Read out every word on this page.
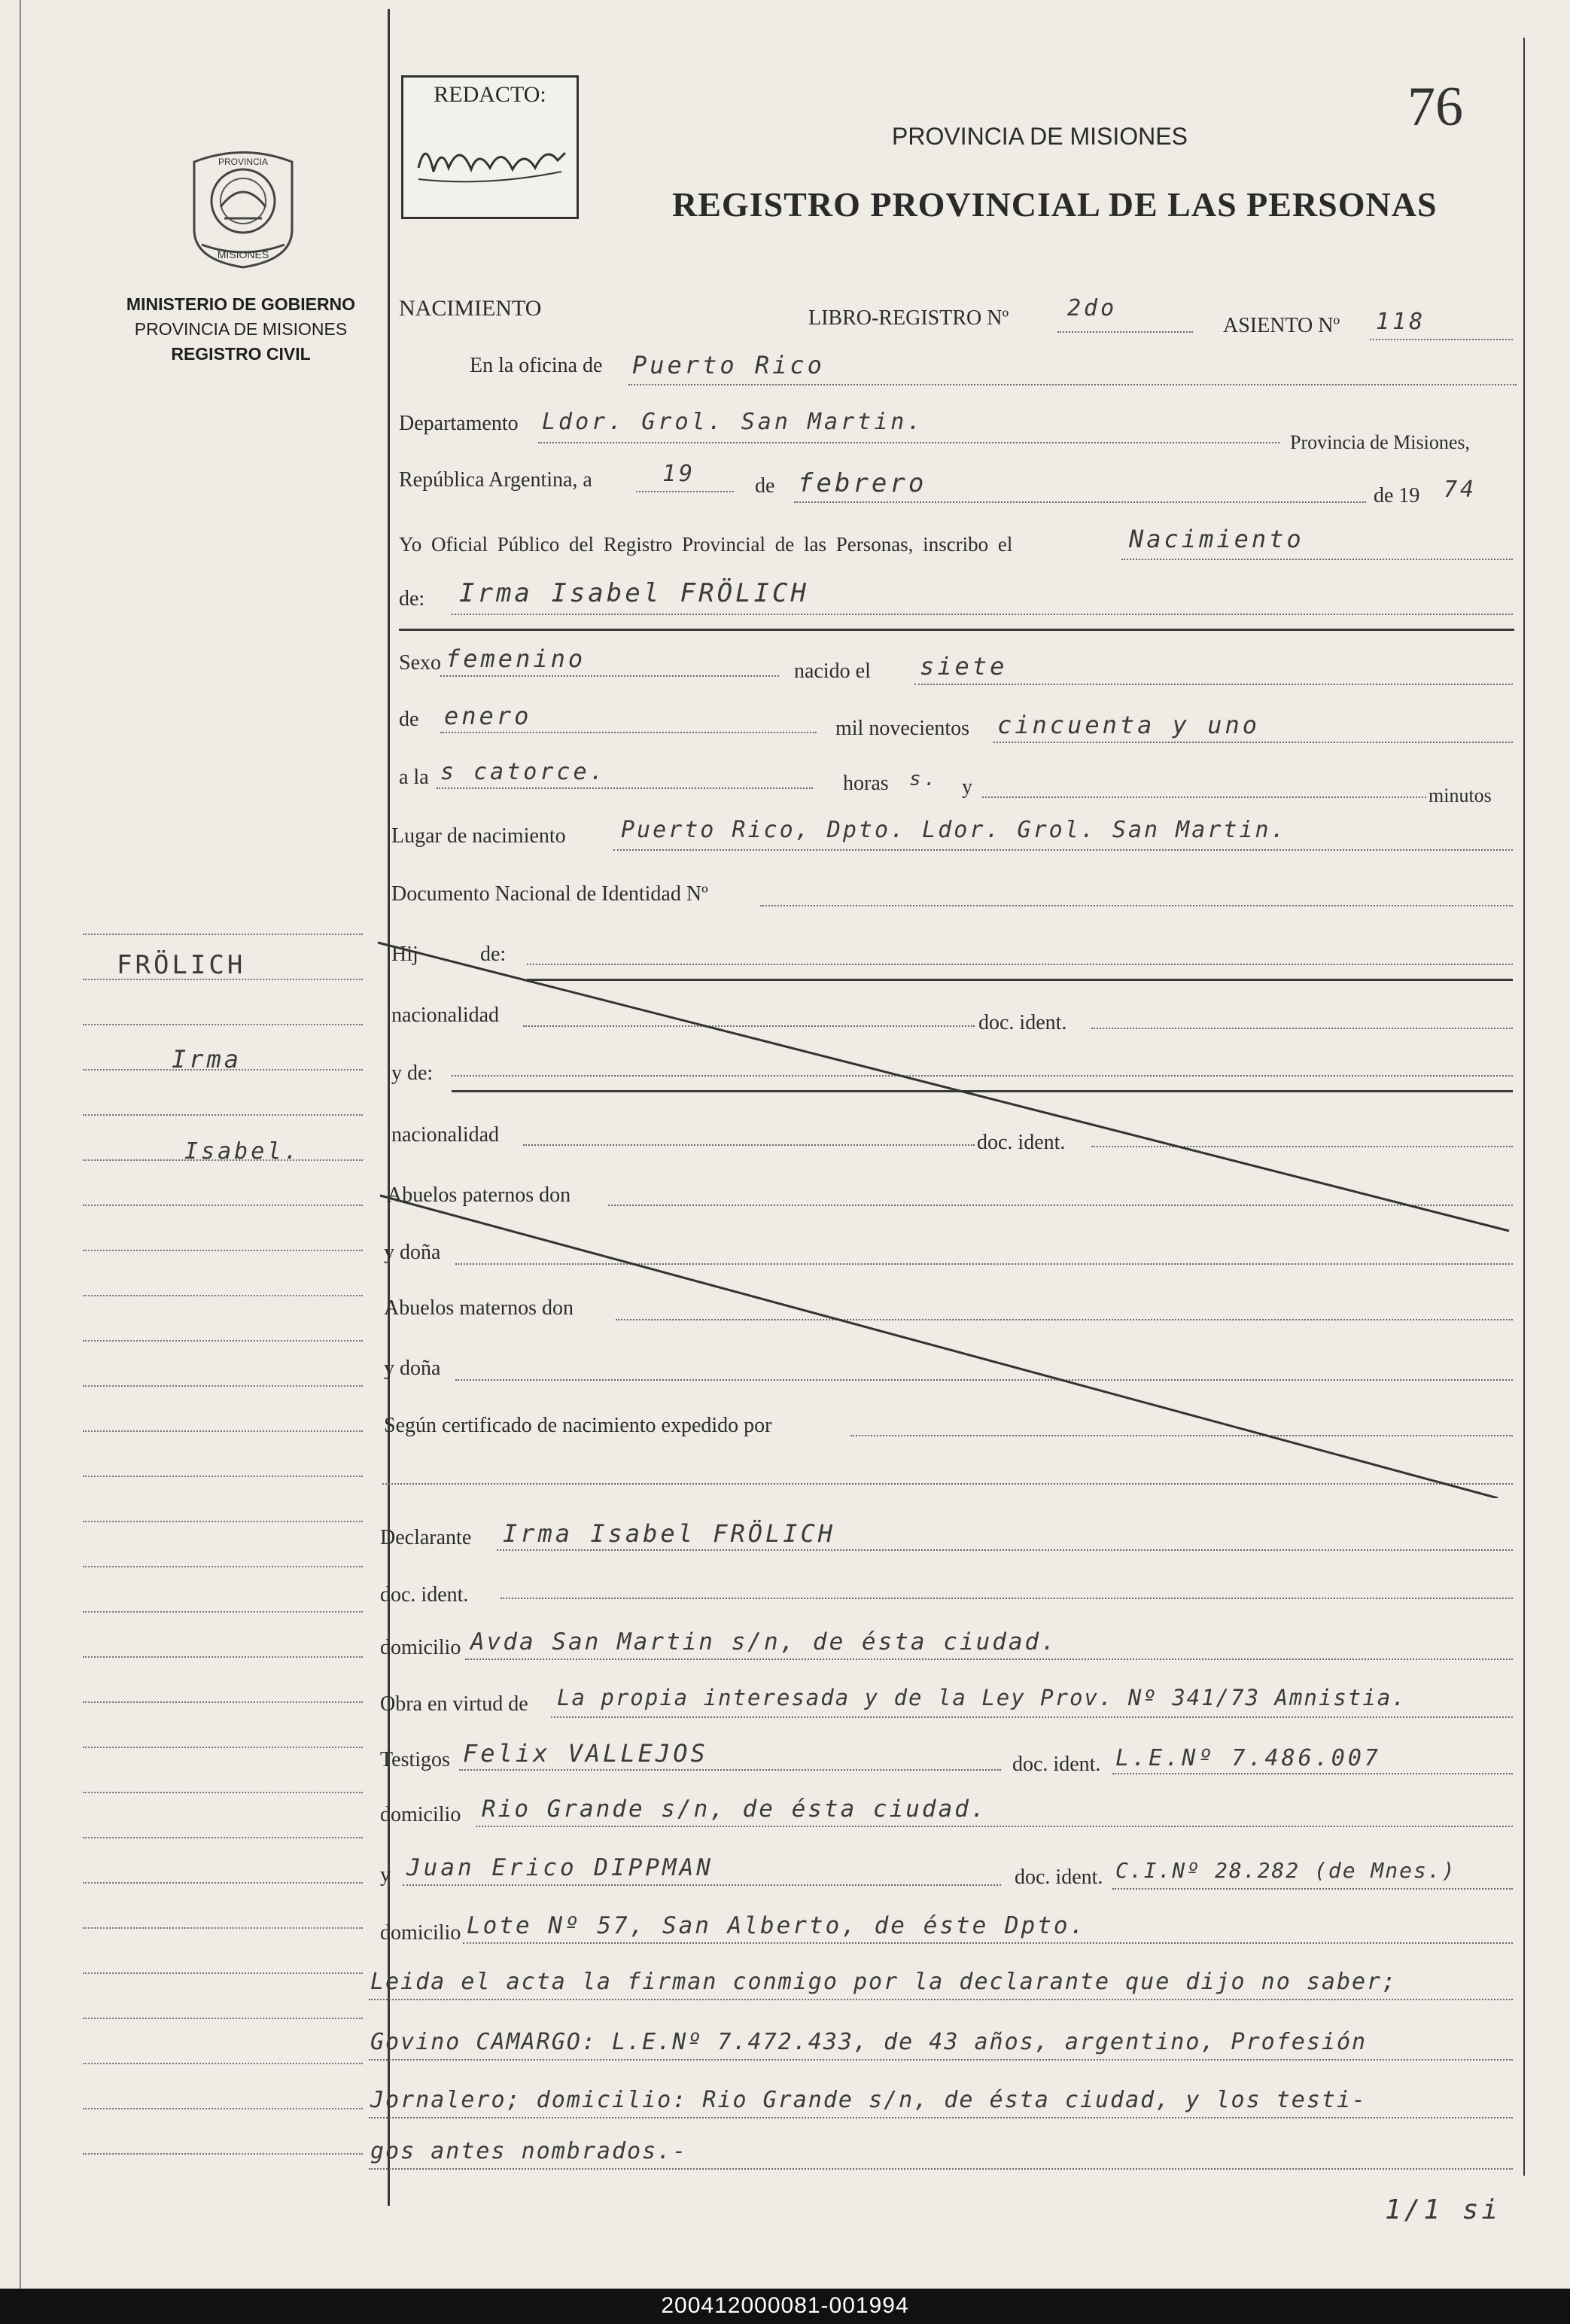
MISIONES
PROVINCIA
MINISTERIO DE GOBIERNO
PROVINCIA DE MISIONES
REGISTRO CIVIL
REDACTO:	76
PROVINCIA DE MISIONES
REGISTRO PROVINCIAL DE LAS PERSONAS
NACIMIENTO	LIBRO-REGISTRO Nº	2do
ASIENTO Nº 118
En la oficina de Puerto Rico
Departamento Ldor. Grol. San Martin.
Provincia de Misiones,
República Argentina, a	19	de febrero	de 19 74
Yo Oficial Público del Registro Provincial de las Personas, inscribo el	Nacimiento
de: Irma Isabel FRÖLICH
Sexo femenino	nacido el siete
de enero	mil novecientos cincuenta y uno
a la s catorce.	horas s. y	minutos
Lugar de nacimiento Puerto Rico, Dpto. Ldor. Grol. San Martin.
Documento Nacional de Identidad Nº
Hij	de:
nacionalidad	doc. ident.
y de:
nacionalidad	doc. ident.
Abuelos paternos don
y doña
Abuelos maternos don
y doña
Según certificado de nacimiento expedido por
Declarante Irma Isabel FRÖLICH
doc. ident.
domicilio Avda San Martin s/n, de ésta ciudad.
Obra en virtud de La propia interesada y de la Ley Prov. Nº 341/73 Amnistia.
Testigos Felix VALLEJOS	doc. ident. L.E.Nº 7.486.007
domicilio Rio Grande s/n, de ésta ciudad.
y Juan Erico DIPPMAN	doc. ident. C.I.Nº 28.282 (de Mnes.)
domicilio Lote Nº 57, San Alberto, de éste Dpto.
Leida el acta la firman conmigo por la declarante que dijo no saber;
Govino CAMARGO: L.E.Nº 7.472.433, de 43 años, argentino, Profesión
Jornalero; domicilio: Rio Grande s/n, de ésta ciudad, y los testi-
gos antes nombrados.-
1/1 si
FRÖLICH
Irma
Isabel.
200412000081-001994
